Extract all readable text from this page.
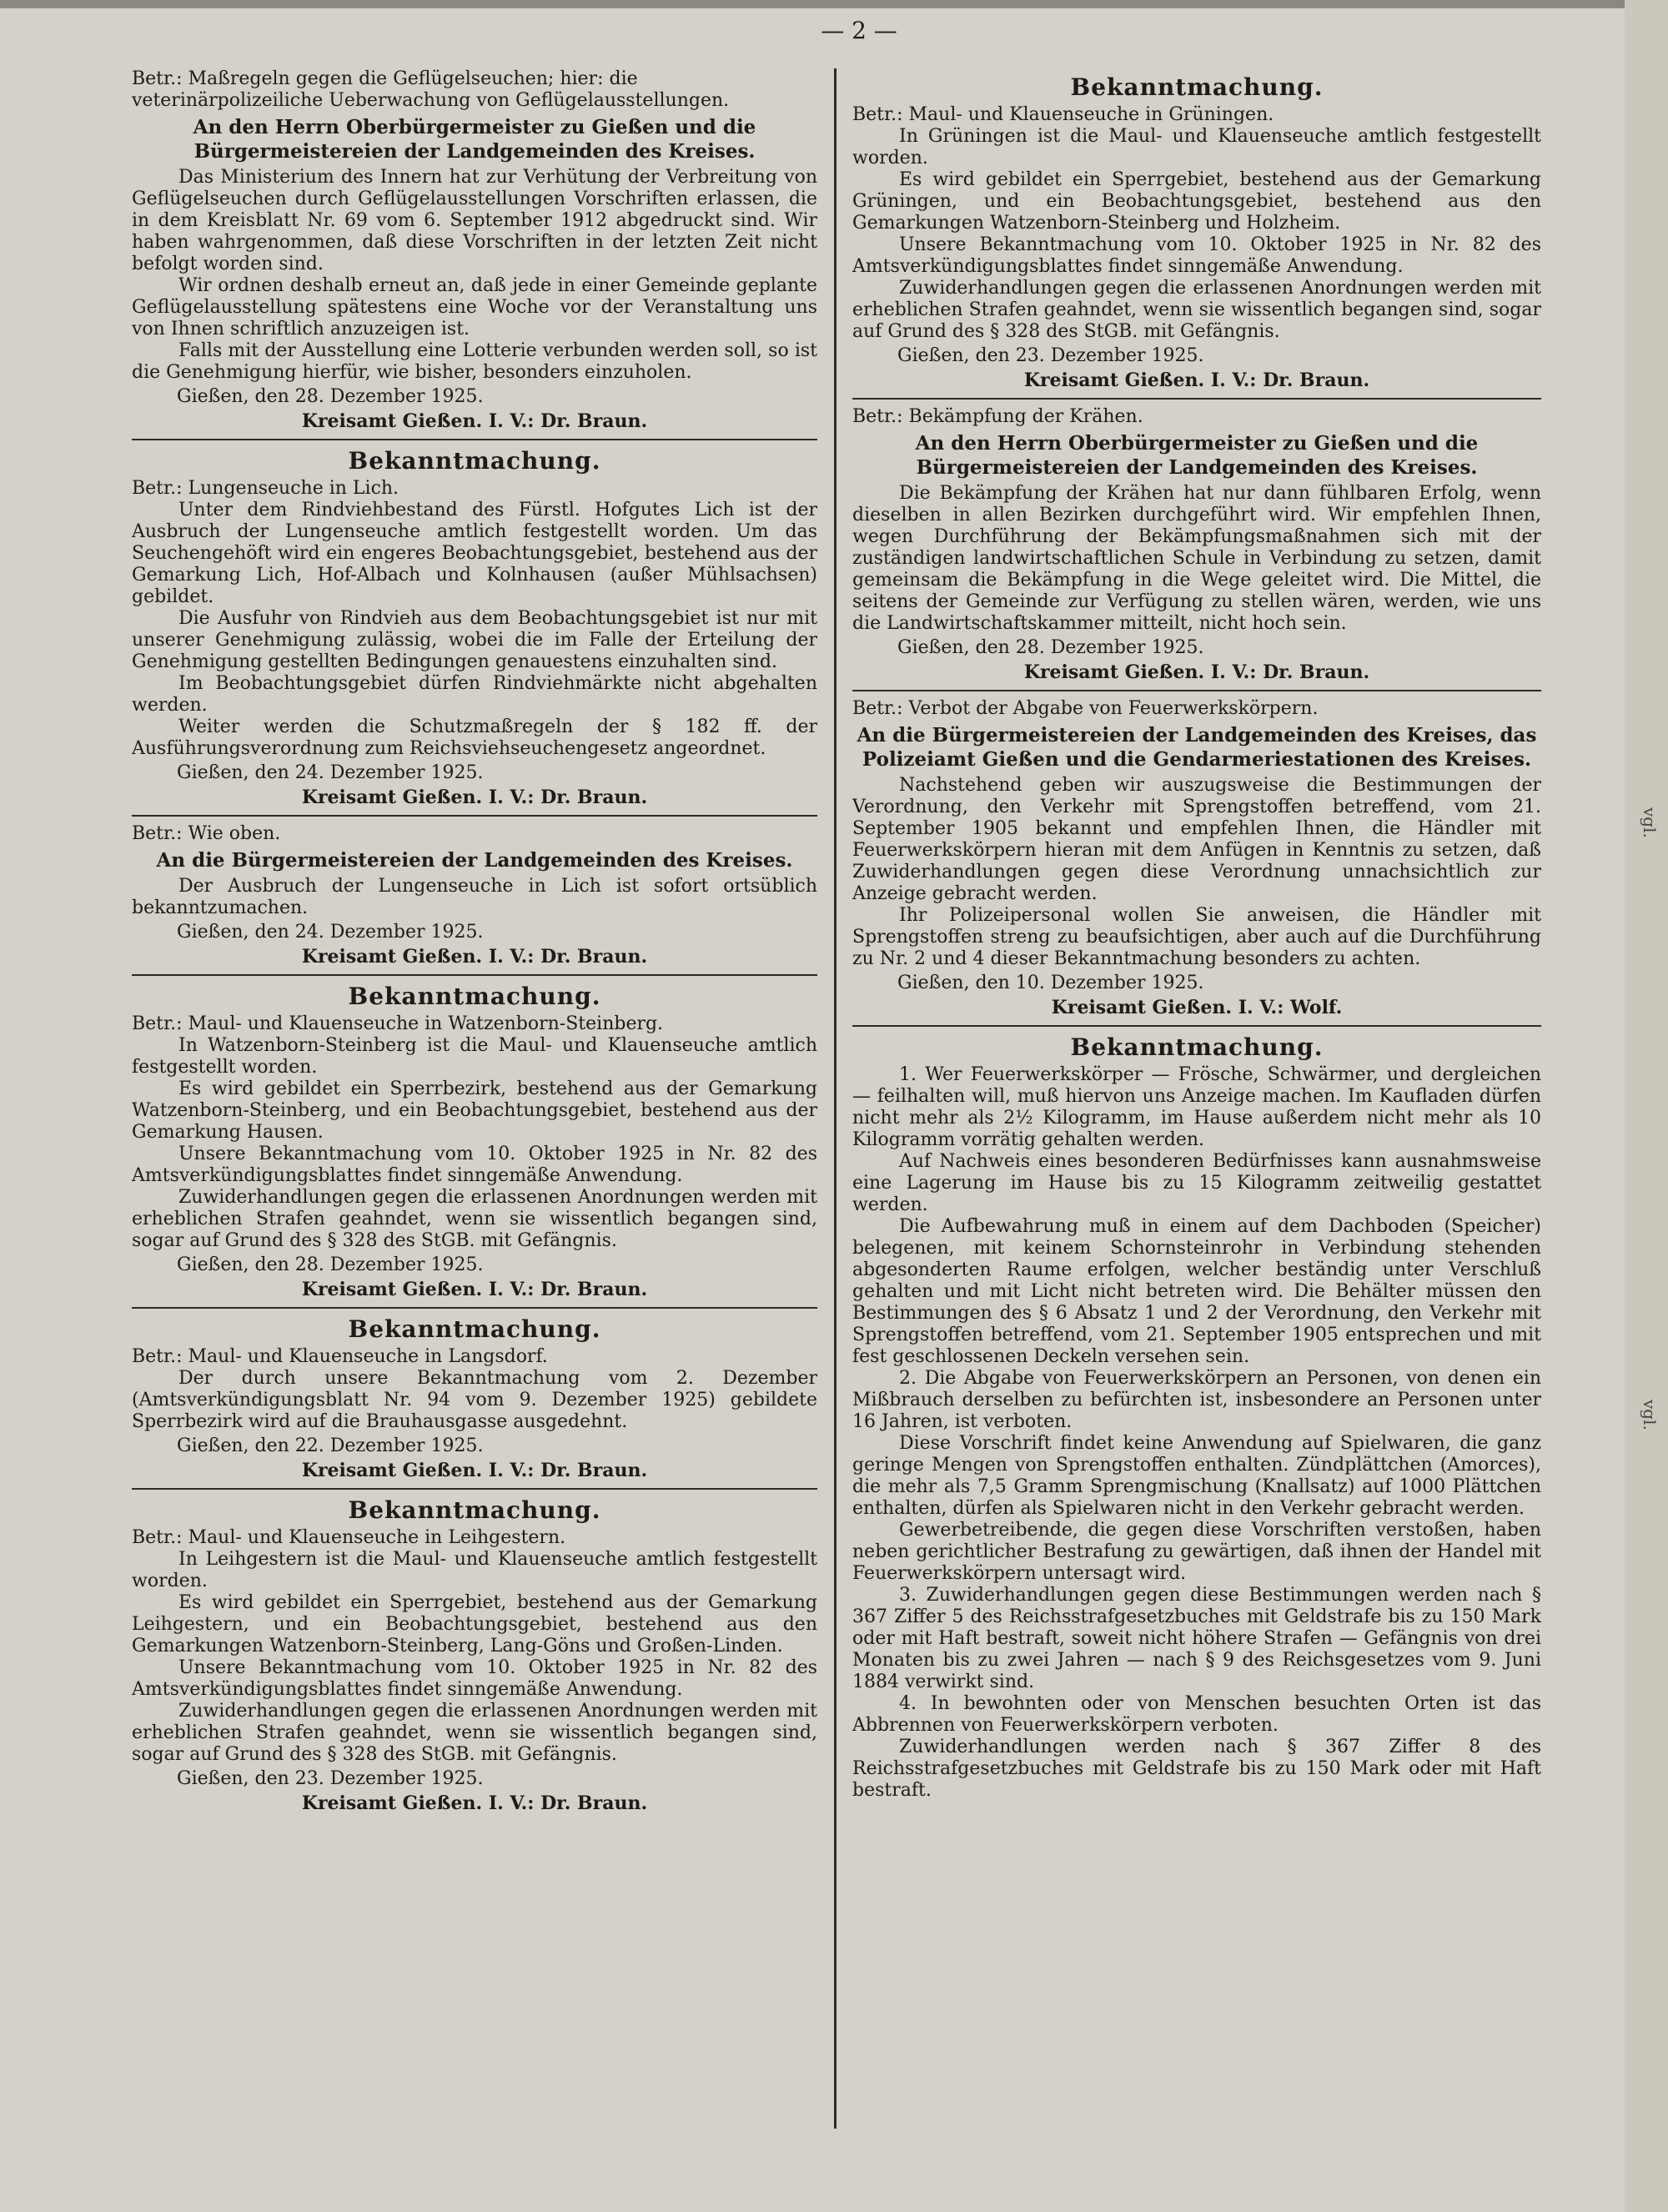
vgl.
vgl.
— 2 —
Betr.: Maßregeln gegen die Geflügelseuchen; hier: die veterinärpolizeiliche Ueberwachung von Geflügelausstellungen.
An den Herrn Oberbürgermeister zu Gießen und die Bürgermeistereien der Landgemeinden des Kreises.
Das Ministerium des Innern hat zur Verhütung der Verbreitung von Geflügelseuchen durch Geflügelausstellungen Vorschriften erlassen, die in dem Kreisblatt Nr. 69 vom 6. September 1912 abgedruckt sind. Wir haben wahrgenommen, daß diese Vorschriften in der letzten Zeit nicht befolgt worden sind.
Wir ordnen deshalb erneut an, daß jede in einer Gemeinde geplante Geflügelausstellung spätestens eine Woche vor der Veranstaltung uns von Ihnen schriftlich anzuzeigen ist.
Falls mit der Ausstellung eine Lotterie verbunden werden soll, so ist die Genehmigung hierfür, wie bisher, besonders einzuholen.
Gießen, den 28. Dezember 1925.
Kreisamt Gießen. I. V.: Dr. Braun.
Bekanntmachung.
Betr.: Lungenseuche in Lich.
Unter dem Rindviehbestand des Fürstl. Hofgutes Lich ist der Ausbruch der Lungenseuche amtlich festgestellt worden. Um das Seuchengehöft wird ein engeres Beobachtungsgebiet, bestehend aus der Gemarkung Lich, Hof-Albach und Kolnhausen (außer Mühlsachsen) gebildet.
Die Ausfuhr von Rindvieh aus dem Beobachtungsgebiet ist nur mit unserer Genehmigung zulässig, wobei die im Falle der Erteilung der Genehmigung gestellten Bedingungen genauestens einzuhalten sind.
Im Beobachtungsgebiet dürfen Rindviehmärkte nicht abgehalten werden.
Weiter werden die Schutzmaßregeln der § 182 ff. der Ausführungsverordnung zum Reichsviehseuchengesetz angeordnet.
Gießen, den 24. Dezember 1925.
Kreisamt Gießen. I. V.: Dr. Braun.
Betr.: Wie oben.
An die Bürgermeistereien der Landgemeinden des Kreises.
Der Ausbruch der Lungenseuche in Lich ist sofort ortsüblich bekanntzumachen.
Gießen, den 24. Dezember 1925.
Kreisamt Gießen. I. V.: Dr. Braun.
Bekanntmachung.
Betr.: Maul- und Klauenseuche in Watzenborn-Steinberg.
In Watzenborn-Steinberg ist die Maul- und Klauenseuche amtlich festgestellt worden.
Es wird gebildet ein Sperrbezirk, bestehend aus der Gemarkung Watzenborn-Steinberg, und ein Beobachtungsgebiet, bestehend aus der Gemarkung Hausen.
Unsere Bekanntmachung vom 10. Oktober 1925 in Nr. 82 des Amtsverkündigungsblattes findet sinngemäße Anwendung.
Zuwiderhandlungen gegen die erlassenen Anordnungen werden mit erheblichen Strafen geahndet, wenn sie wissentlich begangen sind, sogar auf Grund des § 328 des StGB. mit Gefängnis.
Gießen, den 28. Dezember 1925.
Kreisamt Gießen. I. V.: Dr. Braun.
Bekanntmachung.
Betr.: Maul- und Klauenseuche in Langsdorf.
Der durch unsere Bekanntmachung vom 2. Dezember (Amtsverkündigungsblatt Nr. 94 vom 9. Dezember 1925) gebildete Sperrbezirk wird auf die Brauhausgasse ausgedehnt.
Gießen, den 22. Dezember 1925.
Kreisamt Gießen. I. V.: Dr. Braun.
Bekanntmachung.
Betr.: Maul- und Klauenseuche in Leihgestern.
In Leihgestern ist die Maul- und Klauenseuche amtlich festgestellt worden.
Es wird gebildet ein Sperrgebiet, bestehend aus der Gemarkung Leihgestern, und ein Beobachtungsgebiet, bestehend aus den Gemarkungen Watzenborn-Steinberg, Lang-Göns und Großen-Linden.
Unsere Bekanntmachung vom 10. Oktober 1925 in Nr. 82 des Amtsverkündigungsblattes findet sinngemäße Anwendung.
Zuwiderhandlungen gegen die erlassenen Anordnungen werden mit erheblichen Strafen geahndet, wenn sie wissentlich begangen sind, sogar auf Grund des § 328 des StGB. mit Gefängnis.
Gießen, den 23. Dezember 1925.
Kreisamt Gießen. I. V.: Dr. Braun.
Bekanntmachung.
Betr.: Maul- und Klauenseuche in Grüningen.
In Grüningen ist die Maul- und Klauenseuche amtlich festgestellt worden.
Es wird gebildet ein Sperrgebiet, bestehend aus der Gemarkung Grüningen, und ein Beobachtungsgebiet, bestehend aus den Gemarkungen Watzenborn-Steinberg und Holzheim.
Unsere Bekanntmachung vom 10. Oktober 1925 in Nr. 82 des Amtsverkündigungsblattes findet sinngemäße Anwendung.
Zuwiderhandlungen gegen die erlassenen Anordnungen werden mit erheblichen Strafen geahndet, wenn sie wissentlich begangen sind, sogar auf Grund des § 328 des StGB. mit Gefängnis.
Gießen, den 23. Dezember 1925.
Kreisamt Gießen. I. V.: Dr. Braun.
Betr.: Bekämpfung der Krähen.
An den Herrn Oberbürgermeister zu Gießen und die Bürgermeistereien der Landgemeinden des Kreises.
Die Bekämpfung der Krähen hat nur dann fühlbaren Erfolg, wenn dieselben in allen Bezirken durchgeführt wird. Wir empfehlen Ihnen, wegen Durchführung der Bekämpfungsmaßnahmen sich mit der zuständigen landwirtschaftlichen Schule in Verbindung zu setzen, damit gemeinsam die Bekämpfung in die Wege geleitet wird. Die Mittel, die seitens der Gemeinde zur Verfügung zu stellen wären, werden, wie uns die Landwirtschaftskammer mitteilt, nicht hoch sein.
Gießen, den 28. Dezember 1925.
Kreisamt Gießen. I. V.: Dr. Braun.
Betr.: Verbot der Abgabe von Feuerwerkskörpern.
An die Bürgermeistereien der Landgemeinden des Kreises, das Polizeiamt Gießen und die Gendarmeriestationen des Kreises.
Nachstehend geben wir auszugsweise die Bestimmungen der Verordnung, den Verkehr mit Sprengstoffen betreffend, vom 21. September 1905 bekannt und empfehlen Ihnen, die Händler mit Feuerwerkskörpern hieran mit dem Anfügen in Kenntnis zu setzen, daß Zuwiderhandlungen gegen diese Verordnung unnachsichtlich zur Anzeige gebracht werden.
Ihr Polizeipersonal wollen Sie anweisen, die Händler mit Sprengstoffen streng zu beaufsichtigen, aber auch auf die Durchführung zu Nr. 2 und 4 dieser Bekanntmachung besonders zu achten.
Gießen, den 10. Dezember 1925.
Kreisamt Gießen. I. V.: Wolf.
Bekanntmachung.
1. Wer Feuerwerkskörper — Frösche, Schwärmer, und dergleichen — feilhalten will, muß hiervon uns Anzeige machen. Im Kaufladen dürfen nicht mehr als 2½ Kilogramm, im Hause außerdem nicht mehr als 10 Kilogramm vorrätig gehalten werden.
Auf Nachweis eines besonderen Bedürfnisses kann ausnahmsweise eine Lagerung im Hause bis zu 15 Kilogramm zeitweilig gestattet werden.
Die Aufbewahrung muß in einem auf dem Dachboden (Speicher) belegenen, mit keinem Schornsteinrohr in Verbindung stehenden abgesonderten Raume erfolgen, welcher beständig unter Verschluß gehalten und mit Licht nicht betreten wird. Die Behälter müssen den Bestimmungen des § 6 Absatz 1 und 2 der Verordnung, den Verkehr mit Sprengstoffen betreffend, vom 21. September 1905 entsprechen und mit fest geschlossenen Deckeln versehen sein.
2. Die Abgabe von Feuerwerkskörpern an Personen, von denen ein Mißbrauch derselben zu befürchten ist, insbesondere an Personen unter 16 Jahren, ist verboten.
Diese Vorschrift findet keine Anwendung auf Spielwaren, die ganz geringe Mengen von Sprengstoffen enthalten. Zündplättchen (Amorces), die mehr als 7,5 Gramm Sprengmischung (Knallsatz) auf 1000 Plättchen enthalten, dürfen als Spielwaren nicht in den Verkehr gebracht werden.
Gewerbetreibende, die gegen diese Vorschriften verstoßen, haben neben gerichtlicher Bestrafung zu gewärtigen, daß ihnen der Handel mit Feuerwerkskörpern untersagt wird.
3. Zuwiderhandlungen gegen diese Bestimmungen werden nach § 367 Ziffer 5 des Reichsstrafgesetzbuches mit Geldstrafe bis zu 150 Mark oder mit Haft bestraft, soweit nicht höhere Strafen — Gefängnis von drei Monaten bis zu zwei Jahren — nach § 9 des Reichsgesetzes vom 9. Juni 1884 verwirkt sind.
4. In bewohnten oder von Menschen besuchten Orten ist das Abbrennen von Feuerwerkskörpern verboten.
Zuwiderhandlungen werden nach § 367 Ziffer 8 des Reichsstrafgesetzbuches mit Geldstrafe bis zu 150 Mark oder mit Haft bestraft.
